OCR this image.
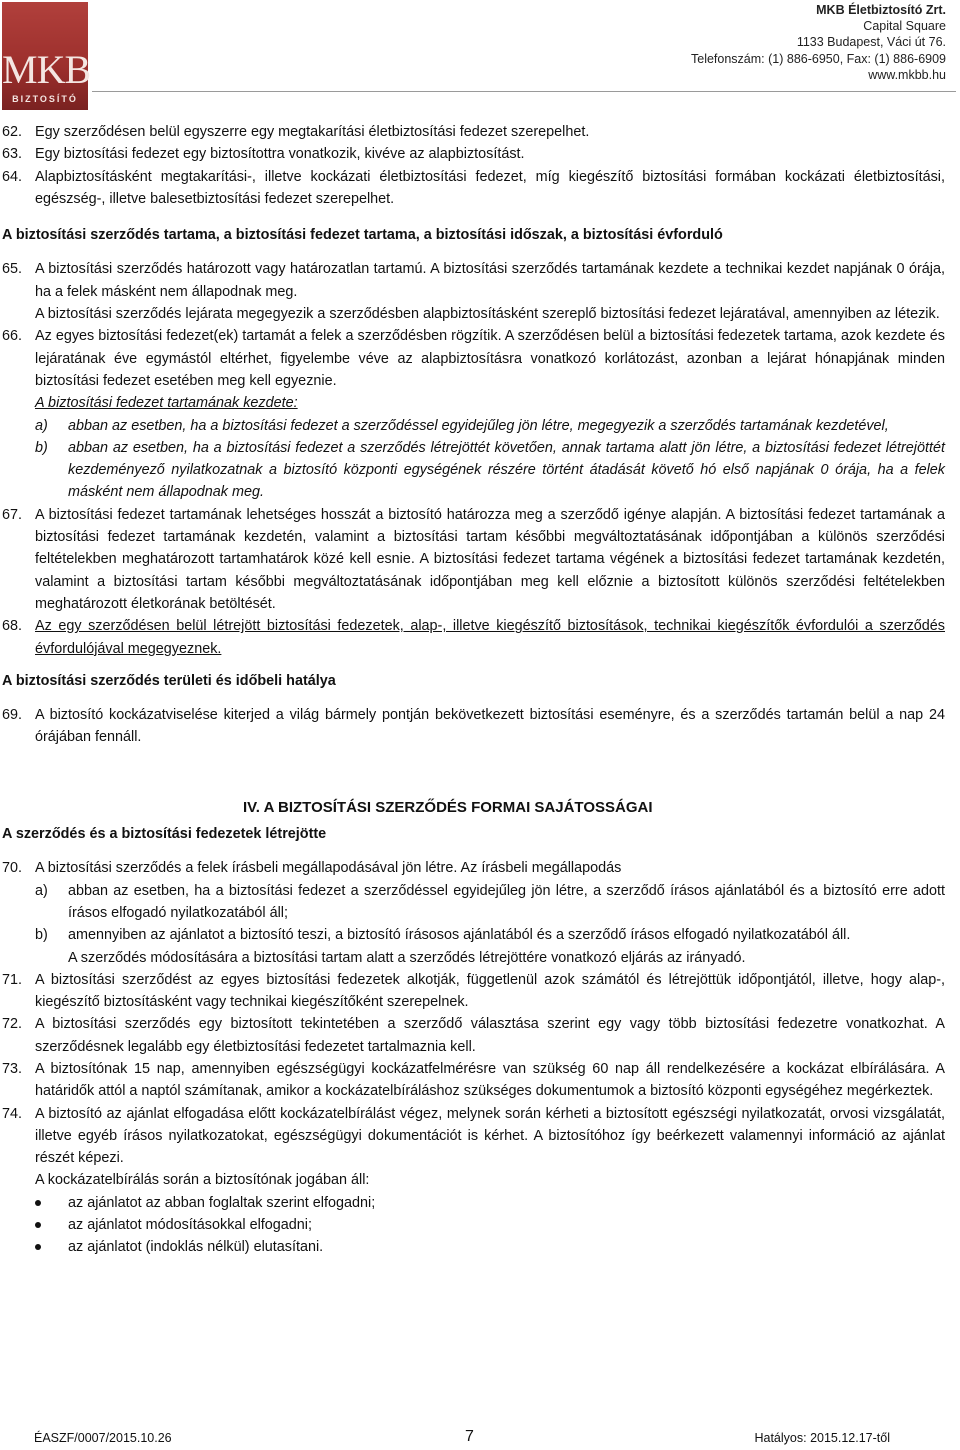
MKB
BIZTOSÍTÓ
MKB Életbiztosító Zrt.
Capital Square
1133 Budapest, Váci út 76.
Telefonszám: (1) 886-6950, Fax: (1) 886-6909
www.mkbb.hu
62. Egy szerződésen belül egyszerre egy megtakarítási életbiztosítási fedezet szerepelhet.
63. Egy biztosítási fedezet egy biztosítottra vonatkozik, kivéve az alapbiztosítást.
64. Alapbiztosításként megtakarítási-, illetve kockázati életbiztosítási fedezet, míg kiegészítő biztosítási formában kockázati életbiztosítási, egészség-, illetve balesetbiztosítási fedezet szerepelhet.
A biztosítási szerződés tartama, a biztosítási fedezet tartama, a biztosítási időszak, a biztosítási évforduló
65. A biztosítási szerződés határozott vagy határozatlan tartamú. A biztosítási szerződés tartamának kezdete a technikai kezdet napjának 0 órája, ha a felek másként nem állapodnak meg.
A biztosítási szerződés lejárata megegyezik a szerződésben alapbiztosításként szereplő biztosítási fedezet lejáratával, amennyiben az létezik.
66. Az egyes biztosítási fedezet(ek) tartamát a felek a szerződésben rögzítik. A szerződésen belül a biztosítási fedezetek tartama, azok kezdete és lejáratának éve egymástól eltérhet, figyelembe véve az alapbiztosításra vonatkozó korlátozást, azonban a lejárat hónapjának minden biztosítási fedezet esetében meg kell egyeznie.
A biztosítási fedezet tartamának kezdete:
a) abban az esetben, ha a biztosítási fedezet a szerződéssel egyidejűleg jön létre, megegyezik a szerződés tartamának kezdetével,
b) abban az esetben, ha a biztosítási fedezet a szerződés létrejöttét követően, annak tartama alatt jön létre, a biztosítási fedezet létrejöttét kezdeményező nyilatkozatnak a biztosító központi egységének részére történt átadását követő hó első napjának 0 órája, ha a felek másként nem állapodnak meg.
67. A biztosítási fedezet tartamának lehetséges hosszát a biztosító határozza meg a szerződő igénye alapján. A biztosítási fedezet tartamának a biztosítási fedezet tartamának kezdetén, valamint a biztosítási tartam későbbi megváltoztatásának időpontjában a különös szerződési feltételekben meghatározott tartamhatárok közé kell esnie. A biztosítási fedezet tartama végének a biztosítási fedezet tartamának kezdetén, valamint a biztosítási tartam későbbi megváltoztatásának időpontjában meg kell előznie a biztosított különös szerződési feltételekben meghatározott életkorának betöltését.
68. Az egy szerződésen belül létrejött biztosítási fedezetek, alap-, illetve kiegészítő biztosítások, technikai kiegészítők évfordulói a szerződés évfordulójával megegyeznek.
A biztosítási szerződés területi és időbeli hatálya
69. A biztosító kockázatviselése kiterjed a világ bármely pontján bekövetkezett biztosítási eseményre, és a szerződés tartamán belül a nap 24 órájában fennáll.
IV. A BIZTOSÍTÁSI SZERZŐDÉS FORMAI SAJÁTOSSÁGAI
A szerződés és a biztosítási fedezetek létrejötte
70. A biztosítási szerződés a felek írásbeli megállapodásával jön létre. Az írásbeli megállapodás
a) abban az esetben, ha a biztosítási fedezet a szerződéssel egyidejűleg jön létre, a szerződő írásos ajánlatából és a biztosító erre adott írásos elfogadó nyilatkozatából áll;
b) amennyiben az ajánlatot a biztosító teszi, a biztosító írásosos ajánlatából és a szerződő írásos elfogadó nyilatkozatából áll.
A szerződés módosítására a biztosítási tartam alatt a szerződés létrejöttére vonatkozó eljárás az irányadó.
71. A biztosítási szerződést az egyes biztosítási fedezetek alkotják, függetlenül azok számától és létrejöttük időpontjától, illetve, hogy alap-, kiegészítő biztosításként vagy technikai kiegészítőként szerepelnek.
72. A biztosítási szerződés egy biztosított tekintetében a szerződő választása szerint egy vagy több biztosítási fedezetre vonatkozhat. A szerződésnek legalább egy életbiztosítási fedezetet tartalmaznia kell.
73. A biztosítónak 15 nap, amennyiben egészségügyi kockázatfelmérésre van szükség 60 nap áll rendelkezésére a kockázat elbírálására. A határidők attól a naptól számítanak, amikor a kockázatelbíráláshoz szükséges dokumentumok a biztosító központi egységéhez megérkeztek.
74. A biztosító az ajánlat elfogadása előtt kockázatelbírálást végez, melynek során kérheti a biztosított egészségi nyilatkozatát, orvosi vizsgálatát, illetve egyéb írásos nyilatkozatokat, egészségügyi dokumentációt is kérhet. A biztosítóhoz így beérkezett valamennyi információ az ajánlat részét képezi.
A kockázatelbírálás során a biztosítónak jogában áll:
az ajánlatot az abban foglaltak szerint elfogadni;
az ajánlatot módosításokkal elfogadni;
az ajánlatot (indoklás nélkül) elutasítani.
ÉASZF/0007/2015.10.26	7	Hatályos: 2015.12.17-től
